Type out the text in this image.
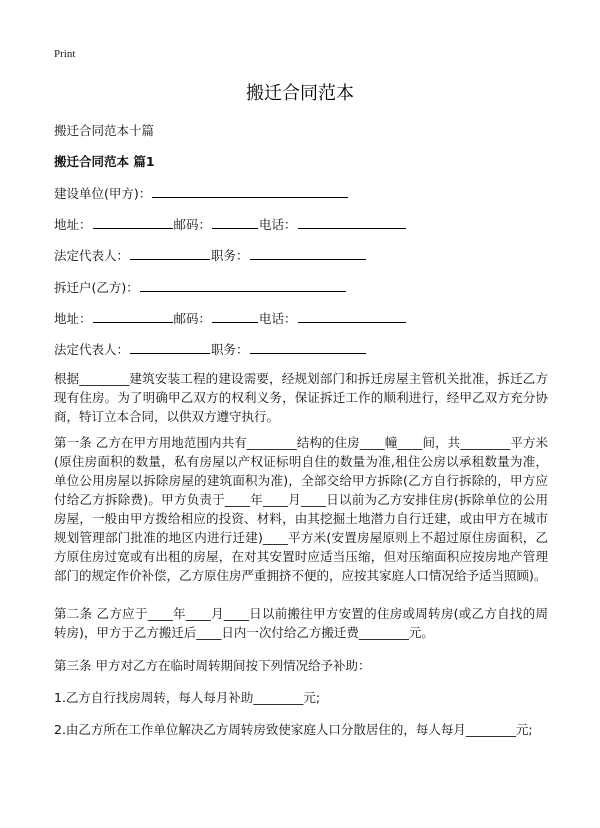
Print
搬迁合同范本
搬迁合同范本十篇
搬迁合同范本 篇1
建设单位(甲方)：
地址：	邮码：	电话：
法定代表人：	职务：
拆迁户(乙方)：
地址：	邮码：	电话：
法定代表人：	职务：
根据________建筑安装工程的建设需要，经规划部门和拆迁房屋主管机关批准，拆迁乙方现有住房。为了明确甲乙双方的权利义务，保证拆迁工作的顺利进行，经甲乙双方充分协商，特订立本合同，以供双方遵守执行。
第一条 乙方在甲方用地范围内共有________结构的住房____幢____间，共________平方米(原住房面积的数量，私有房屋以产权证标明自住的数量为准,租住公房以承租数量为准，单位公用房屋以拆除房屋的建筑面积为准)，全部交给甲方拆除(乙方自行拆除的，甲方应付给乙方拆除费)。甲方负责于____年____月____日以前为乙方安排住房(拆除单位的公用房屋，一般由甲方拨给相应的投资、材料，由其挖掘土地潜力自行迁建，或由甲方在城市规划管理部门批准的地区内进行迁建)____平方米(安置房屋原则上不超过原住房面积，乙方原住房过宽或有出租的房屋，在对其安置时应适当压缩，但对压缩面积应按房地产管理部门的规定作价补偿，乙方原住房严重拥挤不便的，应按其家庭人口情况给予适当照顾)。
第二条 乙方应于____年____月____日以前搬往甲方安置的住房或周转房(或乙方自找的周转房)，甲方于乙方搬迁后____日内一次付给乙方搬迁费________元。
第三条 甲方对乙方在临时周转期间按下列情况给予补助：
1.乙方自行找房周转，每人每月补助________元;
2.由乙方所在工作单位解决乙方周转房致使家庭人口分散居住的，每人每月________元;
